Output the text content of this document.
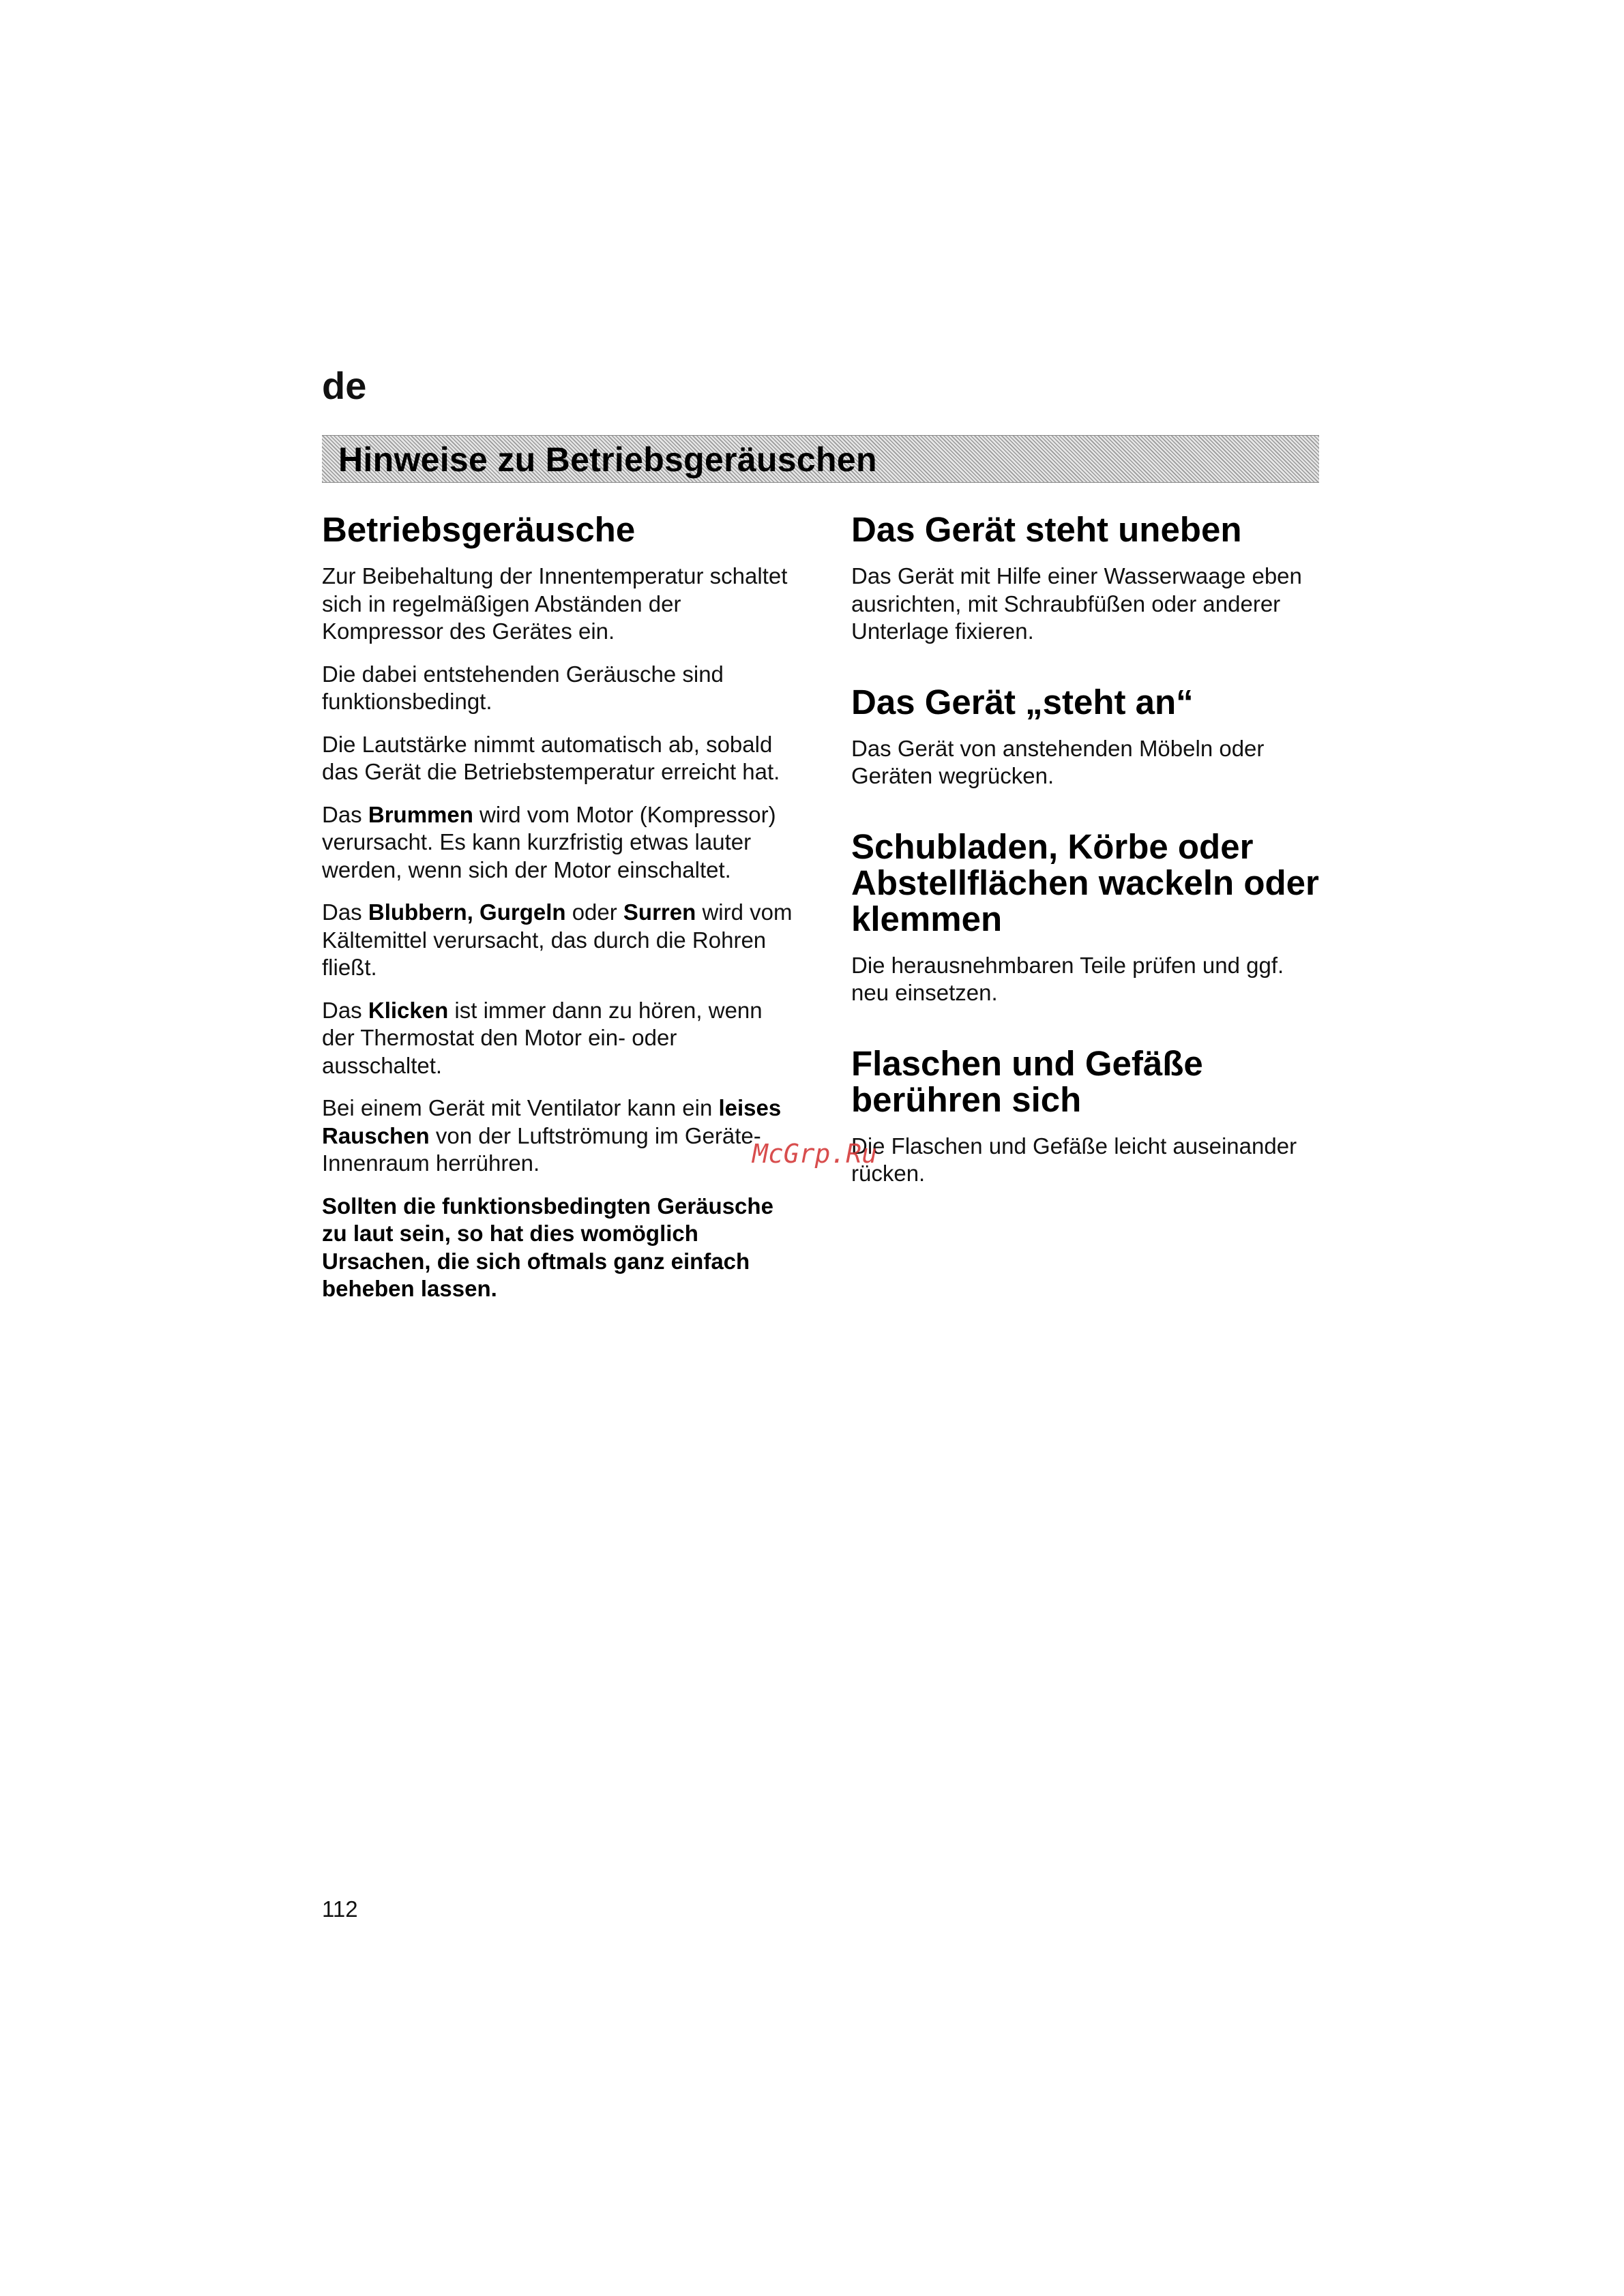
de
Hinweise zu Betriebsgeräuschen
Betriebsgeräusche

Zur Beibehaltung der Innentemperatur schaltet sich in regelmäßigen Abständen der Kompressor des Gerätes ein.

Die dabei entstehenden Geräusche sind funktionsbedingt.

Die Lautstärke nimmt automatisch ab, sobald das Gerät die Betriebstemperatur erreicht hat.

Das Brummen wird vom Motor (Kompressor) verursacht. Es kann kurzfristig etwas lauter werden, wenn sich der Motor einschaltet.

Das Blubbern, Gurgeln oder Surren wird vom Kältemittel verursacht, das durch die Rohren fließt.

Das Klicken ist immer dann zu hören, wenn der Thermostat den Motor ein- oder ausschaltet.

Bei einem Gerät mit Ventilator kann ein leises Rauschen von der Luftströmung im Geräte-Innenraum herrühren.

Sollten die funktionsbedingten Geräusche zu laut sein, so hat dies womöglich Ursachen, die sich oftmals ganz einfach beheben lassen.

Das Gerät steht uneben

Das Gerät mit Hilfe einer Wasserwaage eben ausrichten, mit Schraubfüßen oder anderer Unterlage fixieren.

Das Gerät „steht an“

Das Gerät von anstehenden Möbeln oder Geräten wegrücken.

Schubladen, Körbe oder Abstellflächen wackeln oder klemmen

Die herausnehmbaren Teile prüfen und ggf. neu einsetzen.

Flaschen und Gefäße berühren sich

Die Flaschen und Gefäße leicht auseinander rücken.

McGrp.Ru
112
